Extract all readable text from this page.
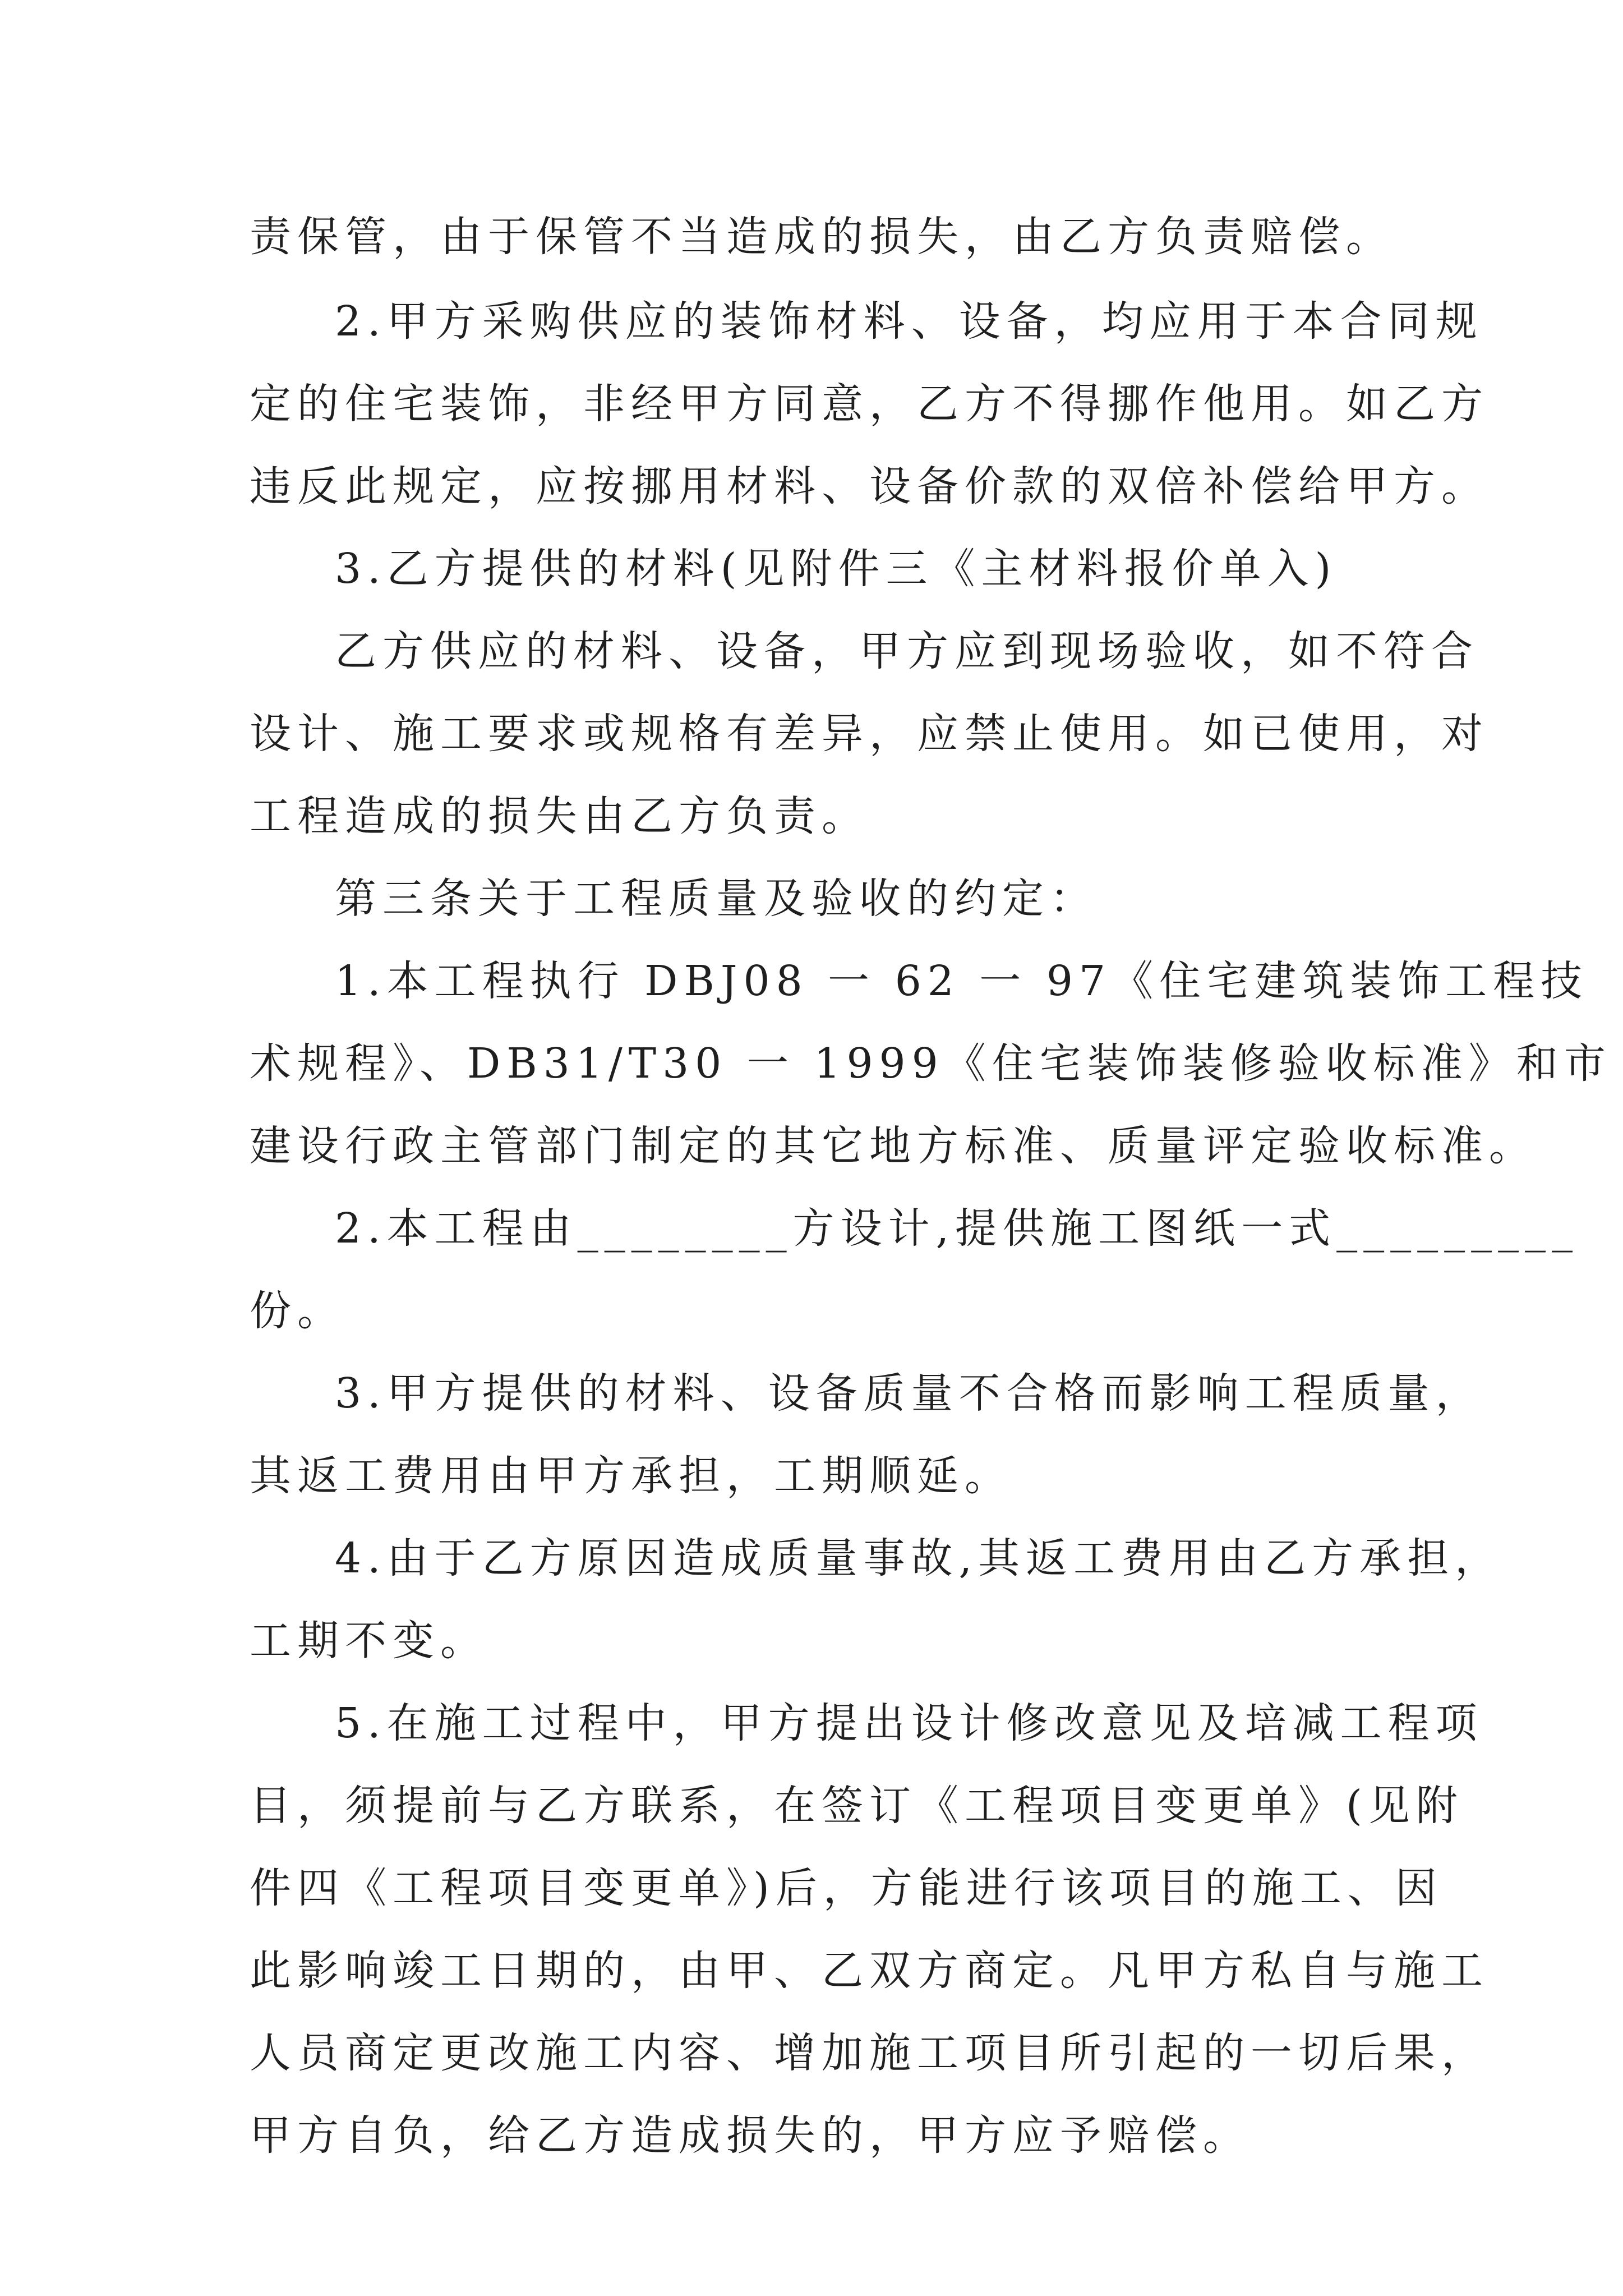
责保管，由于保管不当造成的损失，由乙方负责赔偿。
2.甲方采购供应的装饰材料、设备，均应用于本合同规
定的住宅装饰，非经甲方同意，乙方不得挪作他用。如乙方
违反此规定，应按挪用材料、设备价款的双倍补偿给甲方。
3.乙方提供的材料(见附件三《主材料报价单入)
乙方供应的材料、设备，甲方应到现场验收，如不符合
设计、施工要求或规格有差异，应禁止使用。如已使用，对
工程造成的损失由乙方负责。
第三条关于工程质量及验收的约定：
1.本工程执行 DBJ08 一 62 一 97《住宅建筑装饰工程技
术规程》、DB31/T30 一 1999《住宅装饰装修验收标准》和市
建设行政主管部门制定的其它地方标准、质量评定验收标准。
2.本工程由________方设计,提供施工图纸一式_________
份。
3.甲方提供的材料、设备质量不合格而影响工程质量，
其返工费用由甲方承担，工期顺延。
4.由于乙方原因造成质量事故,其返工费用由乙方承担，
工期不变。
5.在施工过程中，甲方提出设计修改意见及培减工程项
目，须提前与乙方联系，在签订《工程项目变更单》(见附
件四《工程项目变更单》)后，方能进行该项目的施工、因
此影响竣工日期的，由甲、乙双方商定。凡甲方私自与施工
人员商定更改施工内容、增加施工项目所引起的一切后果，
甲方自负，给乙方造成损失的，甲方应予赔偿。
